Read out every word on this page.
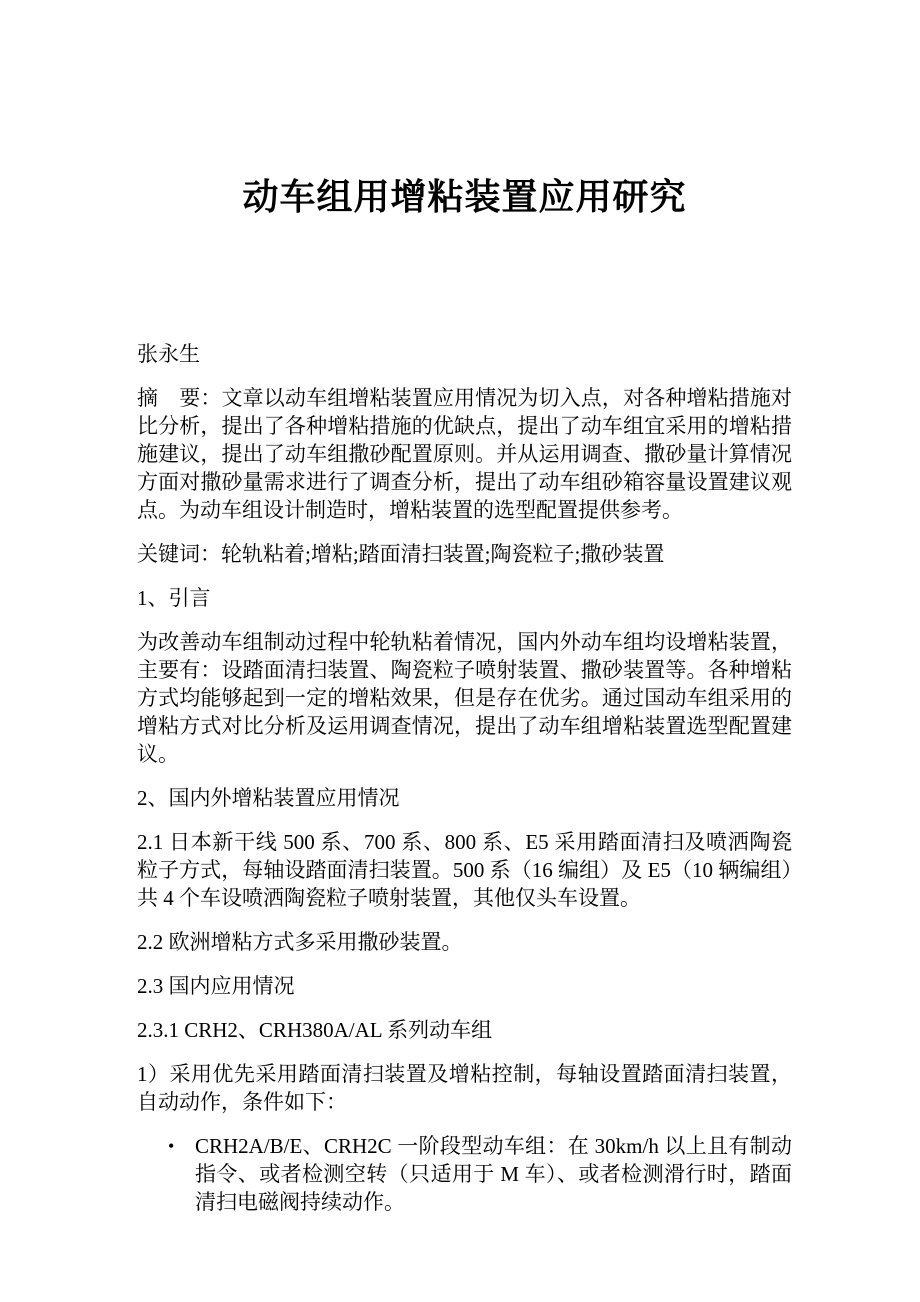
动车组用增粘装置应用研究

张永生

摘　要：文章以动车组增粘装置应用情况为切入点，对各种增粘措施对比分析，提出了各种增粘措施的优缺点，提出了动车组宜采用的增粘措施建议，提出了动车组撒砂配置原则。并从运用调查、撒砂量计算情况方面对撒砂量需求进行了调查分析，提出了动车组砂箱容量设置建议观点。为动车组设计制造时，增粘装置的选型配置提供参考。

关键词：轮轨粘着;增粘;踏面清扫装置;陶瓷粒子;撒砂装置

1、引言

为改善动车组制动过程中轮轨粘着情况，国内外动车组均设增粘装置，主要有：设踏面清扫装置、陶瓷粒子喷射装置、撒砂装置等。各种增粘方式均能够起到一定的增粘效果，但是存在优劣。通过国动车组采用的增粘方式对比分析及运用调查情况，提出了动车组增粘装置选型配置建议。

2、国内外增粘装置应用情况

2.1 日本新干线 500 系、700 系、800 系、E5 采用踏面清扫及喷洒陶瓷粒子方式，每轴设踏面清扫装置。500 系（16 编组）及 E5（10 辆编组）共 4 个车设喷洒陶瓷粒子喷射装置，其他仅头车设置。

2.2 欧洲增粘方式多采用撒砂装置。

2.3 国内应用情况

2.3.1 CRH2、CRH380A/AL 系列动车组

1）采用优先采用踏面清扫装置及增粘控制，每轴设置踏面清扫装置，自动动作，条件如下：

• CRH2A/B/E、CRH2C 一阶段型动车组：在 30km/h 以上且有制动指令、或者检测空转（只适用于 M 车）、或者检测滑行时，踏面清扫电磁阀持续动作。
